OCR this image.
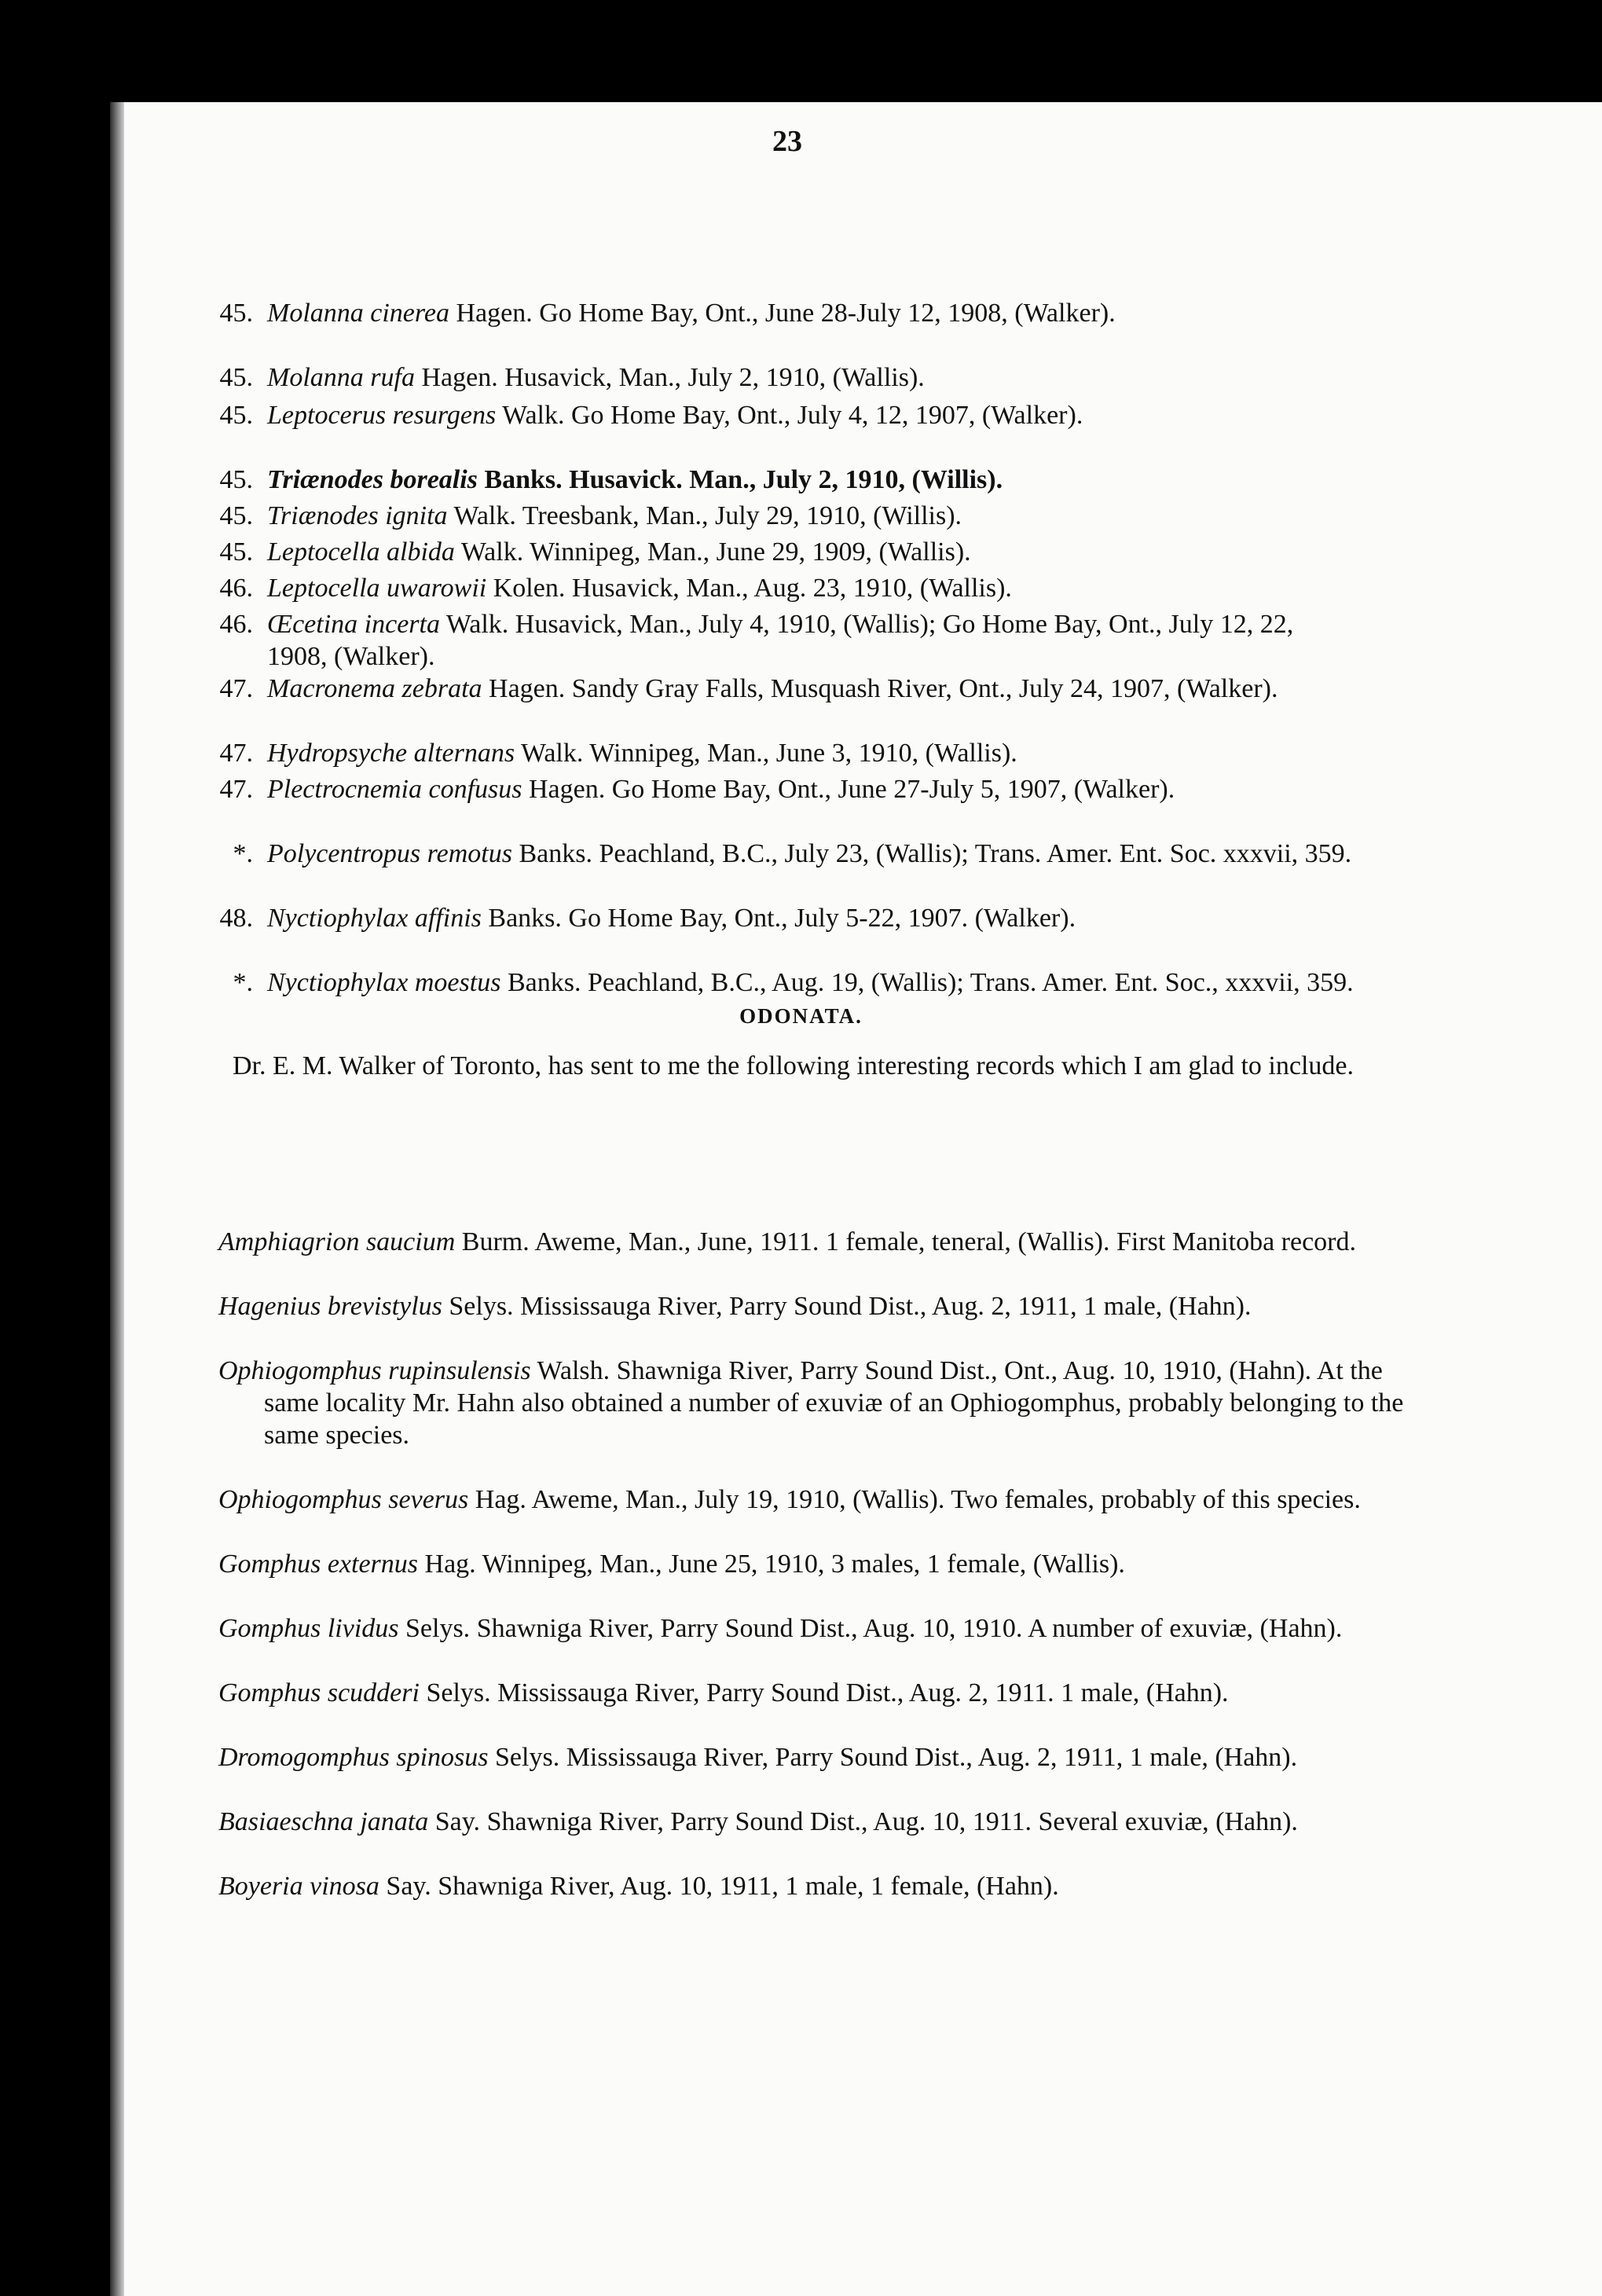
23
45. Molanna cinerea Hagen. Go Home Bay, Ont., June 28-July 12, 1908, (Walker).
45. Molanna rufa Hagen. Husavick, Man., July 2, 1910, (Wallis).
45. Leptocerus resurgens Walk. Go Home Bay, Ont., July 4, 12, 1907, (Walker).
45. Triænodes borealis Banks. Husavick. Man., July 2, 1910, (Willis).
45. Triænodes ignita Walk. Treesbank, Man., July 29, 1910, (Willis).
45. Leptocella albida Walk. Winnipeg, Man., June 29, 1909, (Wallis).
46. Leptocella uwarowii Kolen. Husavick, Man., Aug. 23, 1910, (Wallis).
46. Œcetina incerta Walk. Husavick, Man., July 4, 1910, (Wallis); Go Home Bay, Ont., July 12, 22, 1908, (Walker).
47. Macronema zebrata Hagen. Sandy Gray Falls, Musquash River, Ont., July 24, 1907, (Walker).
47. Hydropsyche alternans Walk. Winnipeg, Man., June 3, 1910, (Wallis).
47. Plectrocnemia confusus Hagen. Go Home Bay, Ont., June 27-July 5, 1907, (Walker).
*. Polycentropus remotus Banks. Peachland, B.C., July 23, (Wallis); Trans. Amer. Ent. Soc. xxxvii, 359.
48. Nyctiophylax affinis Banks. Go Home Bay, Ont., July 5-22, 1907. (Walker).
*. Nyctiophylax moestus Banks. Peachland, B.C., Aug. 19, (Wallis); Trans. Amer. Ent. Soc., xxxvii, 359.
ODONATA.
Dr. E. M. Walker of Toronto, has sent to me the following interesting records which I am glad to include.
Amphiagrion saucium Burm. Aweme, Man., June, 1911. 1 female, teneral, (Wallis). First Manitoba record.
Hagenius brevistylus Selys. Mississauga River, Parry Sound Dist., Aug. 2, 1911, 1 male, (Hahn).
Ophiogomphus rupinsulensis Walsh. Shawniga River, Parry Sound Dist., Ont., Aug. 10, 1910, (Hahn). At the same locality Mr. Hahn also obtained a number of exuviæ of an Ophiogomphus, probably belonging to the same species.
Ophiogomphus severus Hag. Aweme, Man., July 19, 1910, (Wallis). Two females, probably of this species.
Gomphus externus Hag. Winnipeg, Man., June 25, 1910, 3 males, 1 female, (Wallis).
Gomphus lividus Selys. Shawniga River, Parry Sound Dist., Aug. 10, 1910. A number of exuviæ, (Hahn).
Gomphus scudderi Selys. Mississauga River, Parry Sound Dist., Aug. 2, 1911. 1 male, (Hahn).
Dromogomphus spinosus Selys. Mississauga River, Parry Sound Dist., Aug. 2, 1911, 1 male, (Hahn).
Basiaeschna janata Say. Shawniga River, Parry Sound Dist., Aug. 10, 1911. Several exuviæ, (Hahn).
Boyeria vinosa Say. Shawniga River, Aug. 10, 1911, 1 male, 1 female, (Hahn).
